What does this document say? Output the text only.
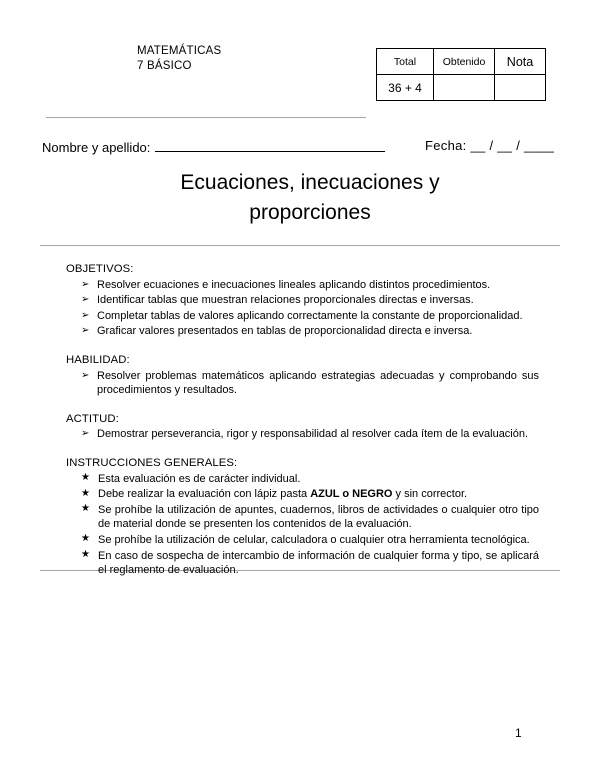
MATEMÁTICAS
7 BÁSICO	Total	Obtenido	Nota
36 + 4		
Nombre y apellido:	Fecha: __ / __ / ____
Ecuaciones, inecuaciones y
proporciones
OBJETIVOS:
➢ Resolver ecuaciones e inecuaciones lineales aplicando distintos procedimientos.
➢ Identificar tablas que muestran relaciones proporcionales directas e inversas.
➢ Completar tablas de valores aplicando correctamente la constante de proporcionalidad.
➢ Graficar valores presentados en tablas de proporcionalidad directa e inversa.
HABILIDAD:
➢ Resolver problemas matemáticos aplicando estrategias adecuadas y comprobando sus procedimientos y resultados.
ACTITUD:
➢ Demostrar perseverancia, rigor y responsabilidad al resolver cada ítem de la evaluación.
INSTRUCCIONES GENERALES:
★ Esta evaluación es de carácter individual.
★ Debe realizar la evaluación con lápiz pasta AZUL o NEGRO y sin corrector.
★ Se prohíbe la utilización de apuntes, cuadernos, libros de actividades o cualquier otro tipo de material donde se presenten los contenidos de la evaluación.
★ Se prohíbe la utilización de celular, calculadora o cualquier otra herramienta tecnológica.
★ En caso de sospecha de intercambio de información de cualquier forma y tipo, se aplicará el reglamento de evaluación.
1
